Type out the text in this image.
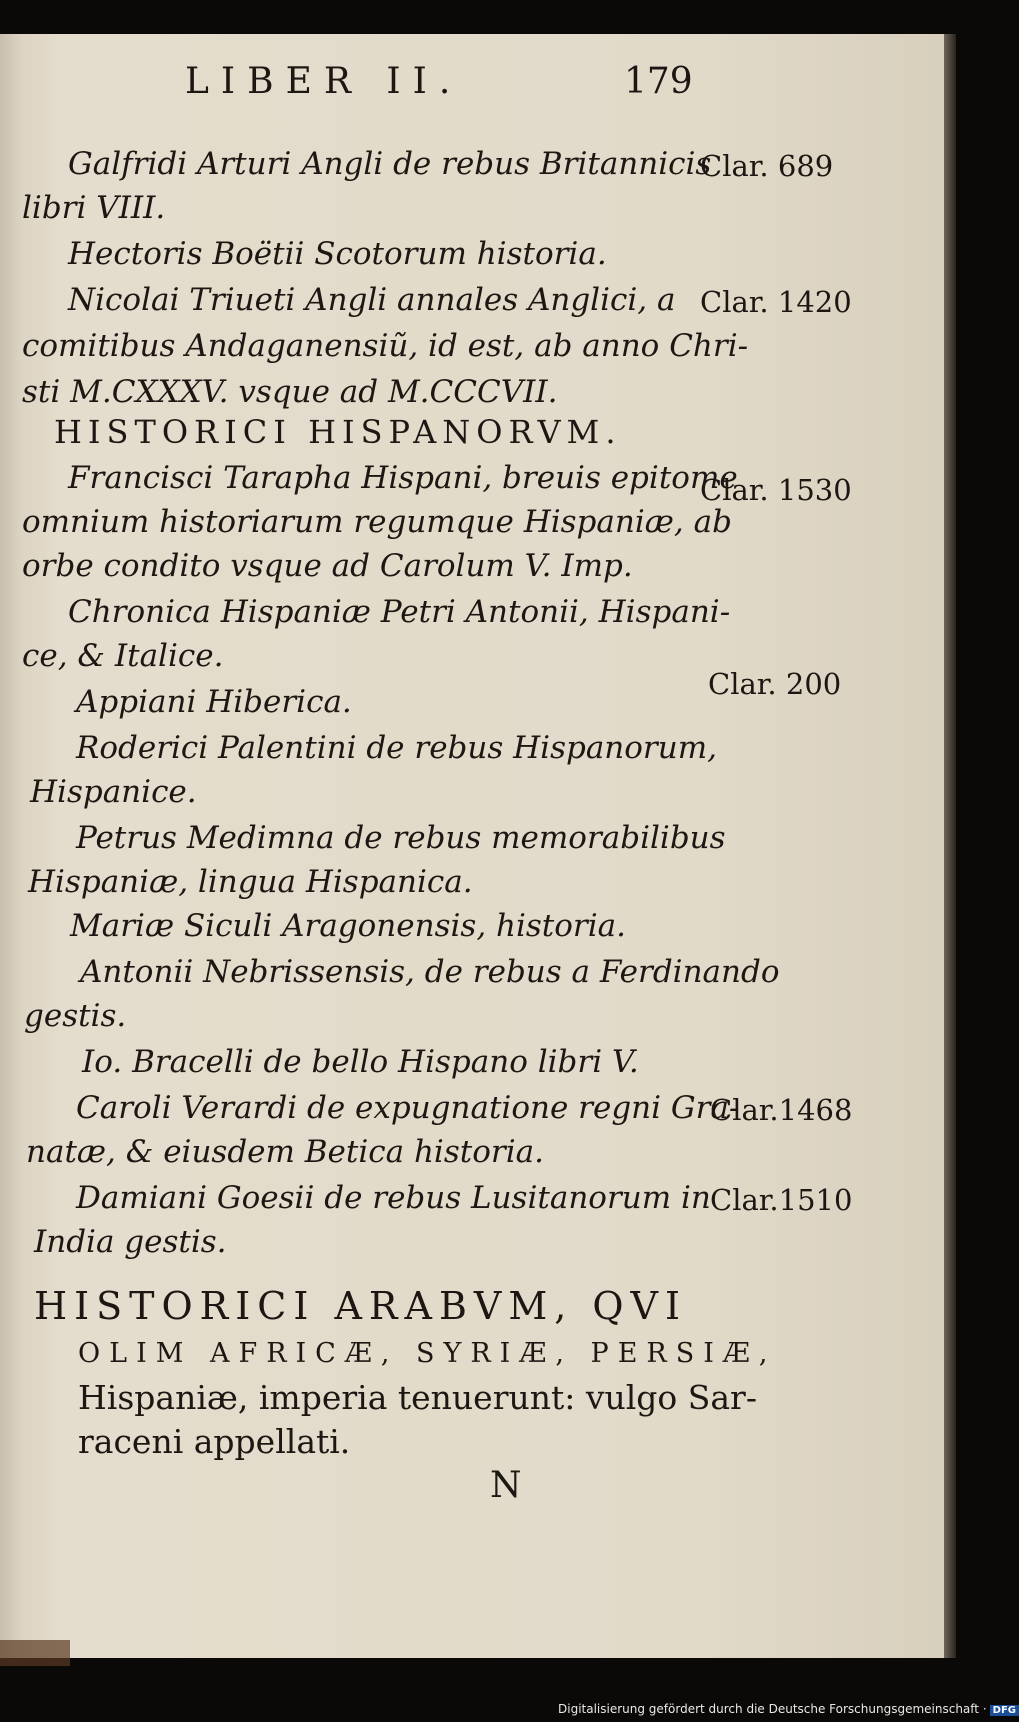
LIBER II.	179
Galfridi Arturi Angli de rebus Britannicis
Clar. 689
libri VIII.
Hectoris Boëtii Scotorum historia.
Nicolai Triueti Angli annales Anglici, a Clar. 1420
comitibus Andaganensiũ, id est, ab anno Chri-
sti M.CXXXV. vsque ad M.CCCVII.
HISTORICI HISPANORVM.
Francisci Tarapha Hispani, breuis epitome
Clar. 1530
omnium historiarum regumque Hispaniæ, ab
orbe condito vsque ad Carolum V. Imp.
Chronica Hispaniæ Petri Antonii, Hispani-
ce, & Italice.
Appiani Hiberica.	Clar. 200
Roderici Palentini de rebus Hispanorum,
Hispanice.
Petrus Medimna de rebus memorabilibus
Hispaniæ, lingua Hispanica.
Mariæ Siculi Aragonensis, historia.
Antonii Nebrissensis, de rebus a Ferdinando
gestis.
Io. Bracelli de bello Hispano libri V.
Caroli Verardi de expugnatione regni Gra-
Clar.1468
natæ, & eiusdem Betica historia.
Damiani Goesii de rebus Lusitanorum in Clar.1510
India gestis.
HISTORICI ARABVM, QVI
OLIM AFRICÆ, SYRIÆ, PERSIÆ,
Hispaniæ, imperia tenuerunt: vulgo Sar-
raceni appellati.
N
Digitalisierung gefördert durch die Deutsche Forschungsgemeinschaft · DFG
